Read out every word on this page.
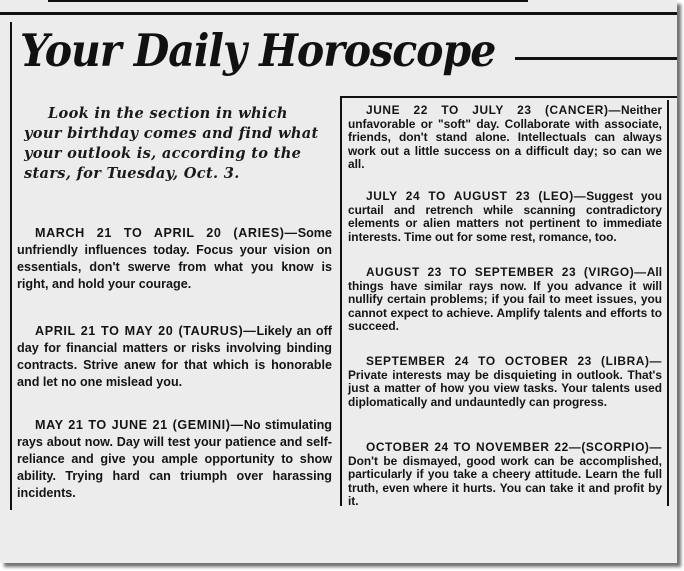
Your Daily Horoscope
Look in the section in which your birthday comes and find what your outlook is, according to the stars, for Tuesday, Oct. 3.
MARCH 21 TO APRIL 20 (ARIES)—Some unfriendly influences today. Focus your vision on essentials, don't swerve from what you know is right, and hold your courage.
APRIL 21 TO MAY 20 (TAURUS)—Likely an off day for financial matters or risks involving binding contracts. Strive anew for that which is honorable and let no one mislead you.
MAY 21 TO JUNE 21 (GEMINI)—No stimulating rays about now. Day will test your patience and self-reliance and give you ample opportunity to show ability. Trying hard can triumph over harassing incidents.
JUNE 22 TO JULY 23 (CANCER)—Neither unfavorable or "soft" day. Collaborate with associate, friends, don't stand alone. Intellectuals can always work out a little success on a difficult day; so can we all.
JULY 24 TO AUGUST 23 (LEO)—Suggest you curtail and retrench while scanning contradictory elements or alien matters not pertinent to immediate interests. Time out for some rest, romance, too.
AUGUST 23 TO SEPTEMBER 23 (VIRGO)—All things have similar rays now. If you advance it will nullify certain problems; if you fail to meet issues, you cannot expect to achieve. Amplify talents and efforts to succeed.
SEPTEMBER 24 TO OCTOBER 23 (LIBRA)—Private interests may be disquieting in outlook. That's just a matter of how you view tasks. Your talents used diplomatically and undauntedly can progress.
OCTOBER 24 TO NOVEMBER 22—(SCORPIO)—Don't be dismayed, good work can be accomplished, particularly if you take a cheery attitude. Learn the full truth, even where it hurts. You can take it and profit by it.
